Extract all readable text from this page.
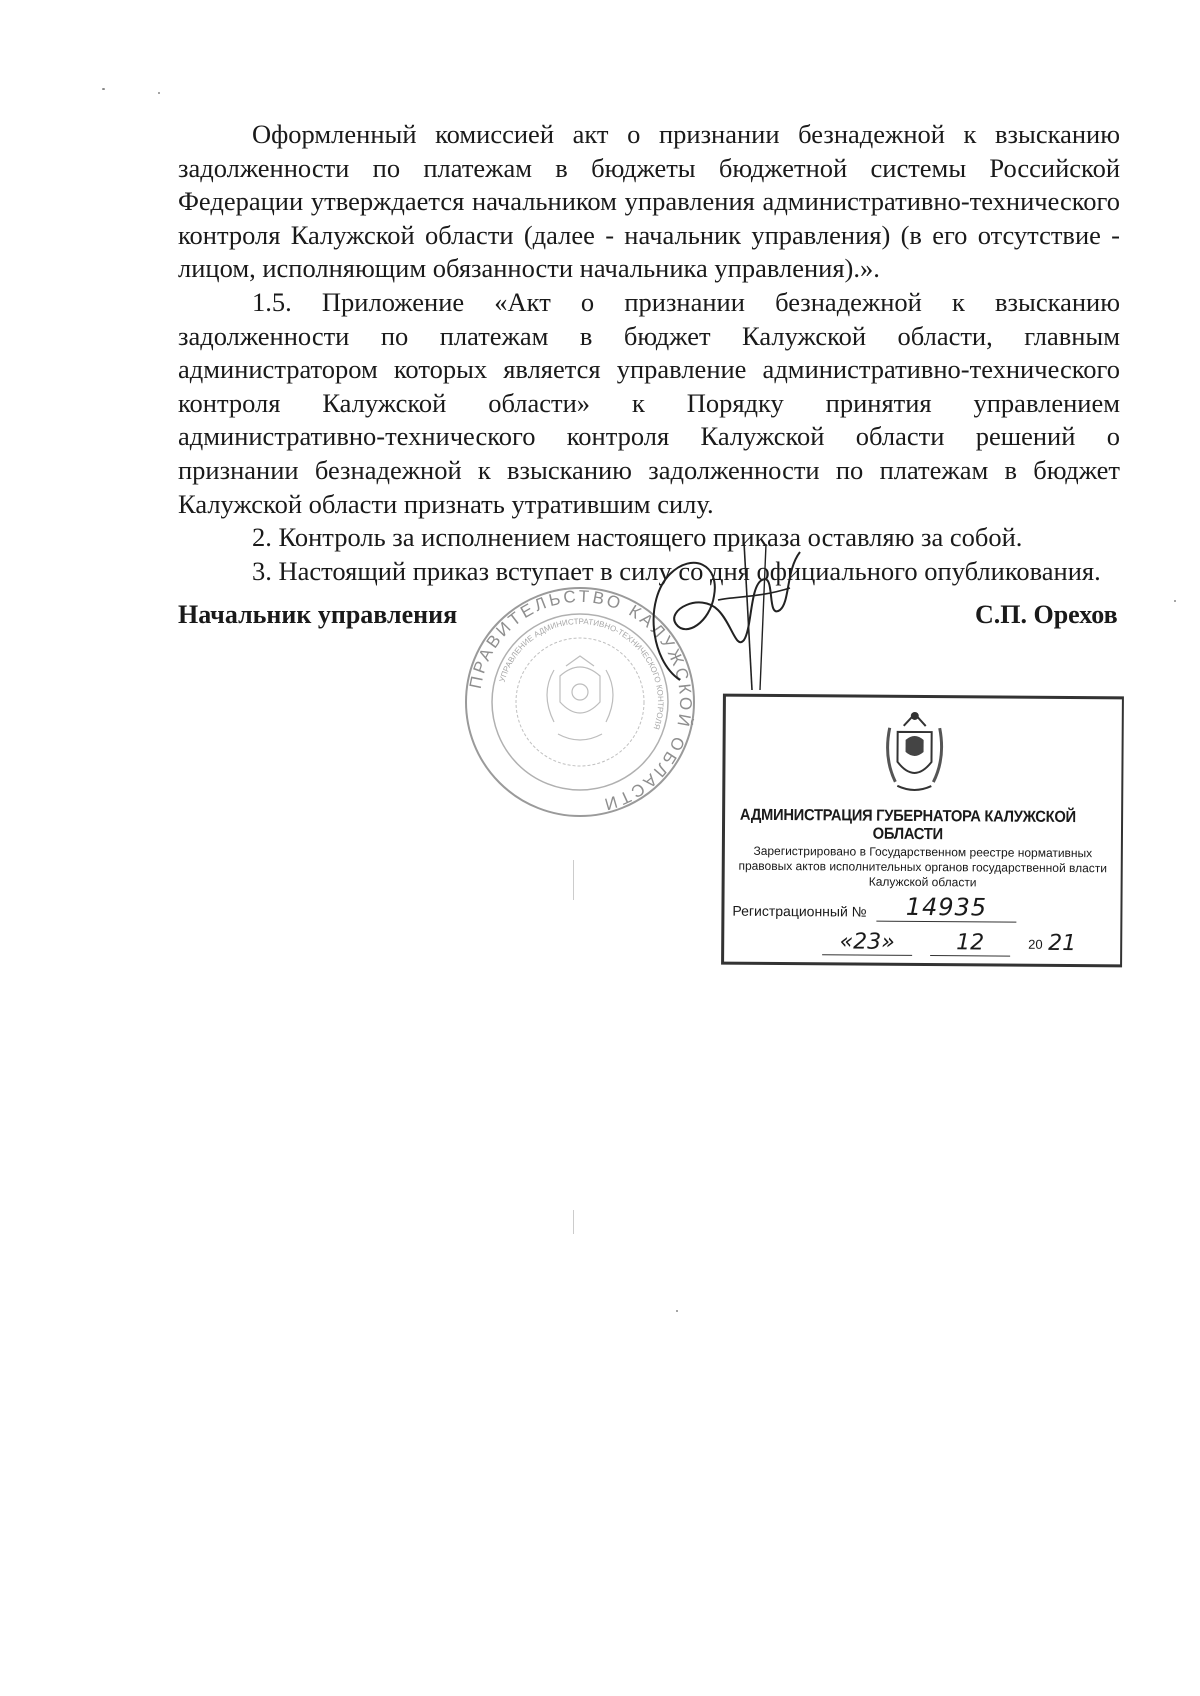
Оформленный комиссией акт о признании безнадежной к взысканию задолженности по платежам в бюджеты бюджетной системы Российской Федерации утверждается начальником управления административно-технического контроля Калужской области (далее - начальник управления) (в его отсутствие - лицом, исполняющим обязанности начальника управления).».

1.5. Приложение «Акт о признании безнадежной к взысканию задолженности по платежам в бюджет Калужской области, главным администратором которых является управление административно-технического контроля Калужской области» к Порядку принятия управлением административно-технического контроля Калужской области решений о признании безнадежной к взысканию задолженности по платежам в бюджет Калужской области признать утратившим силу.

2. Контроль за исполнением настоящего приказа оставляю за собой.

3. Настоящий приказ вступает в силу со дня официального опубликования.

Начальник управления	С.П. Орехов
ПРАВИТЕЛЬСТВО КАЛУЖСКОЙ ОБЛАСТИ
УПРАВЛЕНИЕ АДМИНИСТРАТИВНО-ТЕХНИЧЕСКОГО КОНТРОЛЯ
АДМИНИСТРАЦИЯ ГУБЕРНАТОРА КАЛУЖСКОЙ ОБЛАСТИ
Зарегистрировано в Государственном реестре нормативных правовых актов исполнительных органов государственной власти Калужской области
Регистрационный №	14935
«23»	12	20 21
